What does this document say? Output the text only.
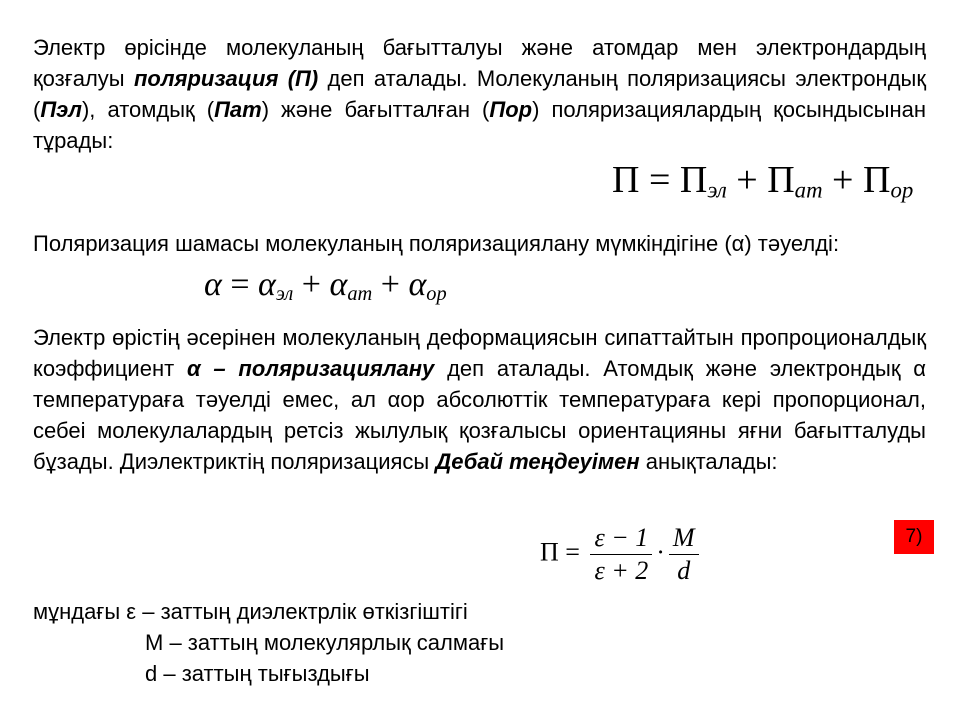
Электр өрісінде молекуланың бағытталуы және атомдар мен электрондардың қозғалуы поляризация (П) деп аталады. Молекуланың поляризациясы электрондық (Пэл), атомдық (Пат) және бағытталған (Пор) поляризациялардың қосындысынан тұрады:

$П = П_{эл} + П_{ат} + П_{ор}$

Поляризация шамасы молекуланың поляризациялану мүмкіндігіне (α) тәуелді:

$\alpha = \alpha_{эл} + \alpha_{ат} + \alpha_{ор}$

Электр өрістің әсерінен молекуланың деформациясын сипаттайтын пропроционалдық коэффициент α – поляризациялану деп аталады. Атомдық және электрондық α температураға тәуелді емес, ал αор абсолюттік температураға кері пропорционал, себеі молекулалардың ретсіз жылулық қозғалысы ориентацияны яғни бағытталуды бұзады. Диэлектриктің поляризациясы Дебай теңдеуімен анықталады:

$П = \frac{\varepsilon - 1}{\varepsilon + 2} \cdot \frac{M}{d}$	7)
мұндағы ε – заттың диэлектрлік өткізгіштігі
М – заттың молекулярлық салмағы
d – заттың тығыздығы
